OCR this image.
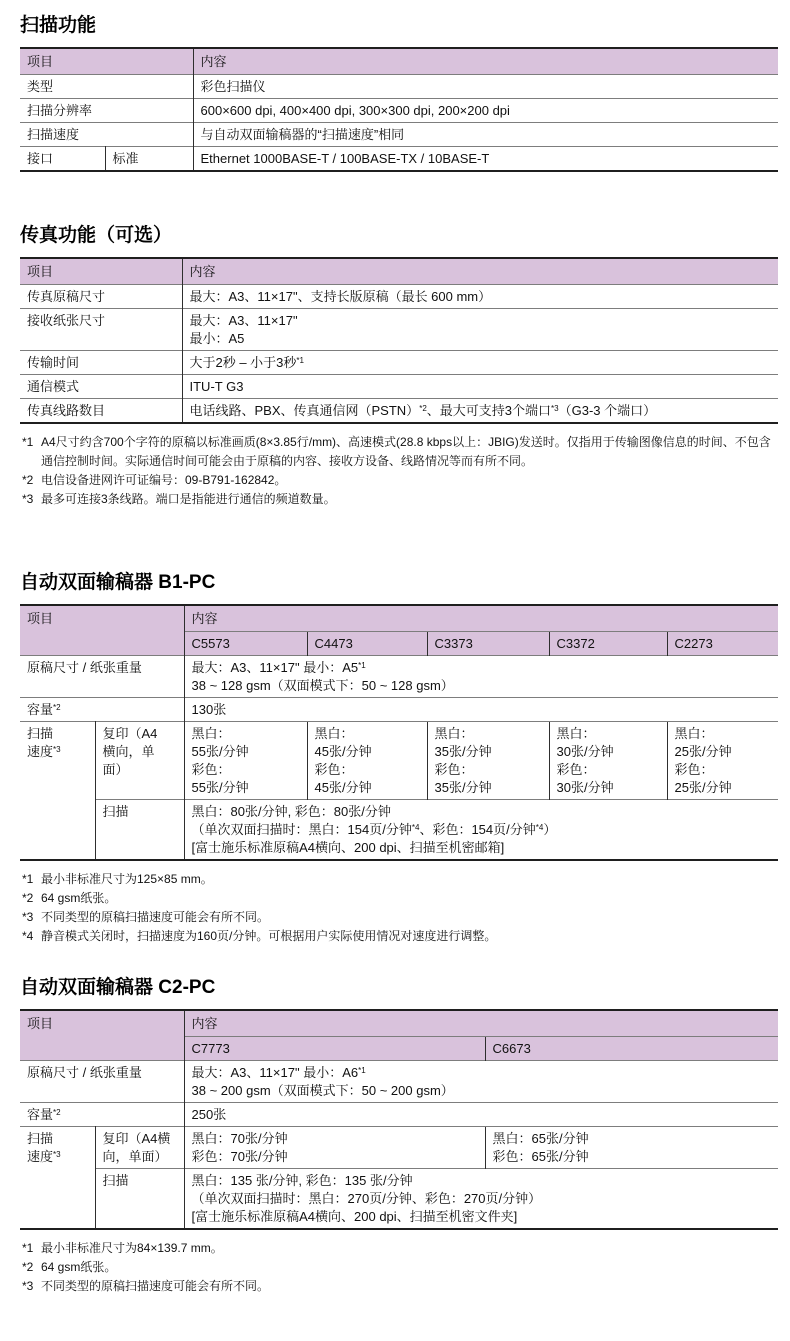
扫描功能
项目		内容
类型		彩色扫描仪
扫描分辨率		600×600 dpi, 400×400 dpi, 300×300 dpi, 200×200 dpi
扫描速度		与自动双面输稿器的“扫描速度”相同
接口	标准	Ethernet 1000BASE-T / 100BASE-TX / 10BASE-T
传真功能（可选）
项目	内容
传真原稿尺寸	最大：A3、11×17"、支持长版原稿（最长 600 mm）
接收纸张尺寸	最大：A3、11×17"
最小：A5
传输时间	大于2秒 – 小于3秒$^{*1}$
通信模式	ITU-T G3
传真线路数目	电话线路、PBX、传真通信网（PSTN）$^{*2}$、最大可支持3个端口$^{*3}$（G3-3 个端口）
*1 A4尺寸约含700个字符的原稿以标准画质(8×3.85行/mm)、高速模式(28.8 kbps以上：JBIG)发送时。仅指用于传输图像信息的时间、不包含通信控制时间。实际通信时间可能会由于原稿的内容、接收方设备、线路情况等而有所不同。
*2 电信设备进网许可证编号：09-B791-162842。
*3 最多可连接3条线路。端口是指能进行通信的频道数量。
自动双面输稿器 B1-PC
项目		内容				
		C5573	C4473	C3373	C3372	C2273
原稿尺寸 / 纸张重量		最大：A3、11×17" 最小：A5$^{*1}$
38 ~ 128 gsm（双面模式下：50 ~ 128 gsm）				
容量$^{*2}$		130张				
扫描
速度$^{*3}$	复印（A4
横向，单
面）	黑白：
55张/分钟
彩色：
55张/分钟	黑白：
45张/分钟
彩色：
45张/分钟	黑白：
35张/分钟
彩色：
35张/分钟	黑白：
30张/分钟
彩色：
30张/分钟	黑白：
25张/分钟
彩色：
25张/分钟
	扫描	黑白：80张/分钟, 彩色：80张/分钟
（单次双面扫描时：黑白：154页/分钟$^{*4}$、彩色：154页/分钟$^{*4}$）
[富士施乐标准原稿A4横向、200 dpi、扫描至机密邮箱]				
*1 最小非标准尺寸为125×85 mm。
*2 64 gsm纸张。
*3 不同类型的原稿扫描速度可能会有所不同。
*4 静音模式关闭时，扫描速度为160页/分钟。可根据用户实际使用情况对速度进行调整。
自动双面输稿器 C2-PC
项目		内容	
		C7773	C6673
原稿尺寸 / 纸张重量		最大：A3、11×17" 最小：A6$^{*1}$
38 ~ 200 gsm（双面模式下：50 ~ 200 gsm）	
容量$^{*2}$		250张	
扫描
速度$^{*3}$	复印（A4横
向，单面）	黑白：70张/分钟
彩色：70张/分钟	黑白：65张/分钟
彩色：65张/分钟
	扫描	黑白：135 张/分钟, 彩色：135 张/分钟
（单次双面扫描时：黑白：270页/分钟、彩色：270页/分钟）
[富士施乐标准原稿A4横向、200 dpi、扫描至机密文件夹]	
*1 最小非标准尺寸为84×139.7 mm。
*2 64 gsm纸张。
*3 不同类型的原稿扫描速度可能会有所不同。
